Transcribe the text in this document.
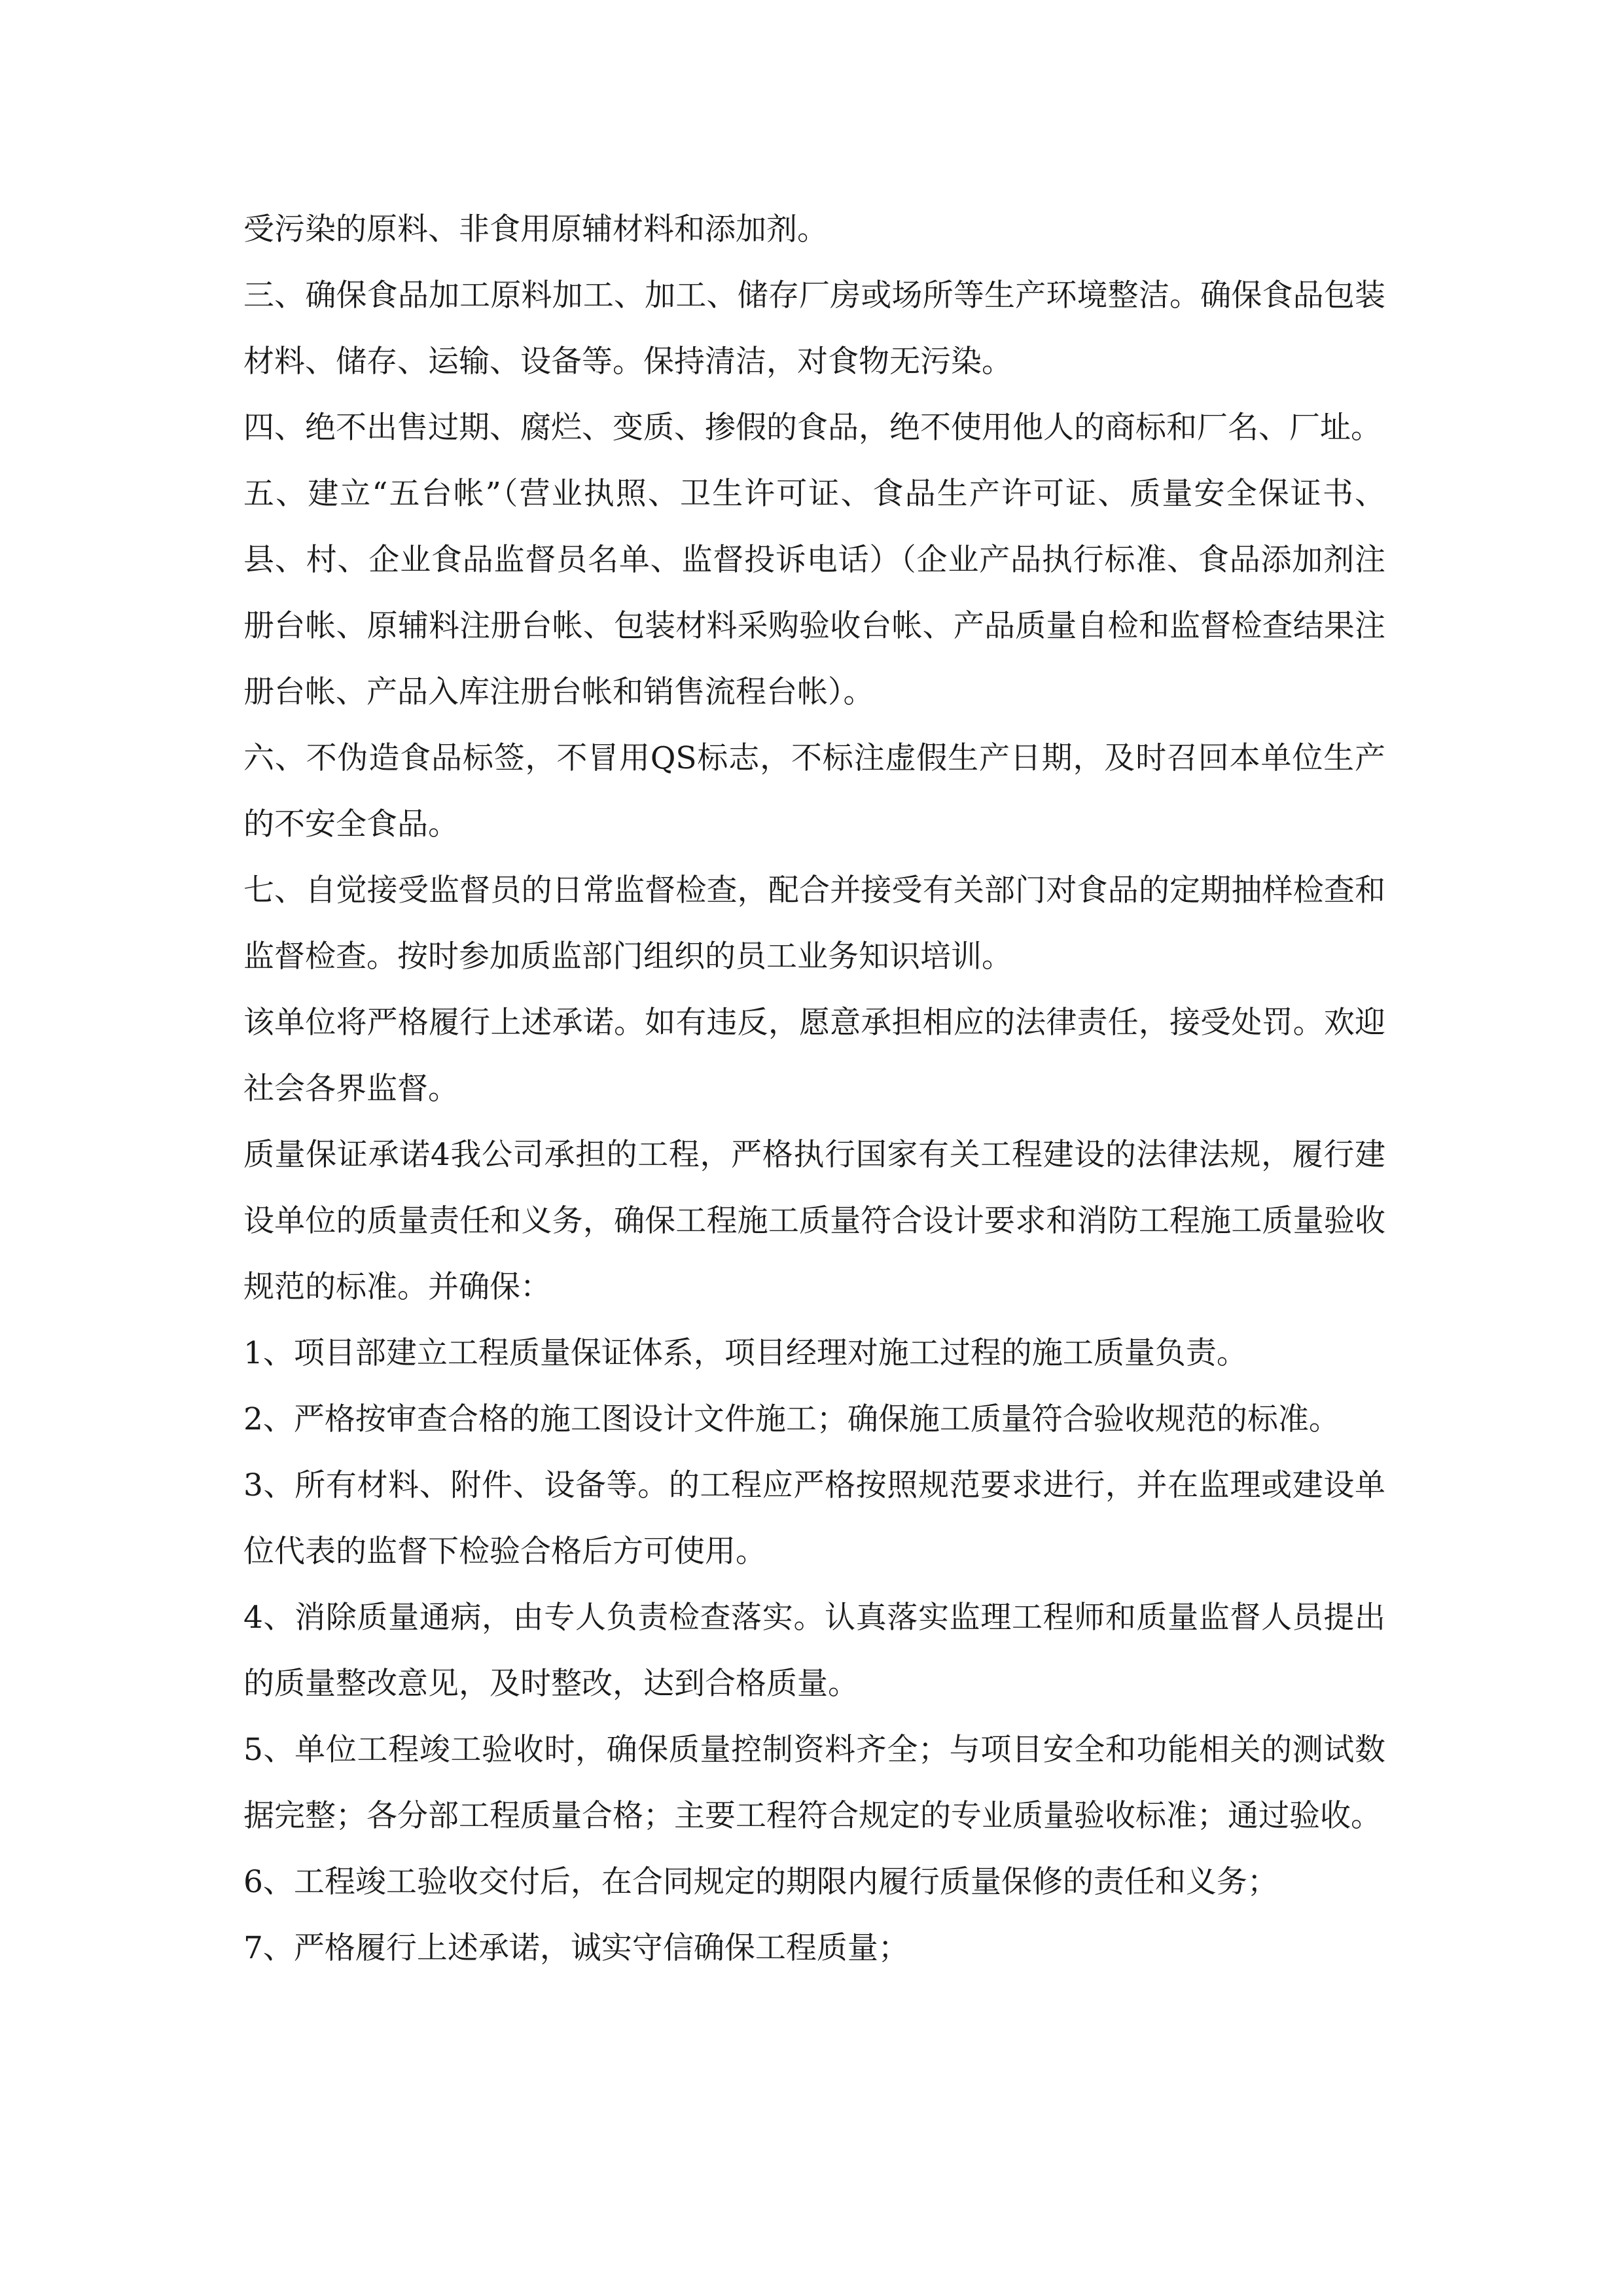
受污染的原料、非食用原辅材料和添加剂。

三、确保食品加工原料加工、加工、储存厂房或场所等生产环境整洁。确保食品包装材料、储存、运输、设备等。保持清洁，对食物无污染。

四、绝不出售过期、腐烂、变质、掺假的食品，绝不使用他人的商标和厂名、厂址。

五、建立“五台帐”（营业执照、卫生许可证、食品生产许可证、质量安全保证书、县、村、企业食品监督员名单、监督投诉电话）（企业产品执行标准、食品添加剂注册台帐、原辅料注册台帐、包装材料采购验收台帐、产品质量自检和监督检查结果注册台帐、产品入库注册台帐和销售流程台帐）。

六、不伪造食品标签，不冒用QS标志，不标注虚假生产日期，及时召回本单位生产的不安全食品。

七、自觉接受监督员的日常监督检查，配合并接受有关部门对食品的定期抽样检查和监督检查。按时参加质监部门组织的员工业务知识培训。

该单位将严格履行上述承诺。如有违反，愿意承担相应的法律责任，接受处罚。欢迎社会各界监督。

质量保证承诺4我公司承担的工程，严格执行国家有关工程建设的法律法规，履行建设单位的质量责任和义务，确保工程施工质量符合设计要求和消防工程施工质量验收规范的标准。并确保：

1、项目部建立工程质量保证体系，项目经理对施工过程的施工质量负责。

2、严格按审查合格的施工图设计文件施工；确保施工质量符合验收规范的标准。

3、所有材料、附件、设备等。的工程应严格按照规范要求进行，并在监理或建设单位代表的监督下检验合格后方可使用。

4、消除质量通病，由专人负责检查落实。认真落实监理工程师和质量监督人员提出的质量整改意见，及时整改，达到合格质量。

5、单位工程竣工验收时，确保质量控制资料齐全；与项目安全和功能相关的测试数据完整；各分部工程质量合格；主要工程符合规定的专业质量验收标准；通过验收。

6、工程竣工验收交付后，在合同规定的期限内履行质量保修的责任和义务；

7、严格履行上述承诺，诚实守信确保工程质量；
